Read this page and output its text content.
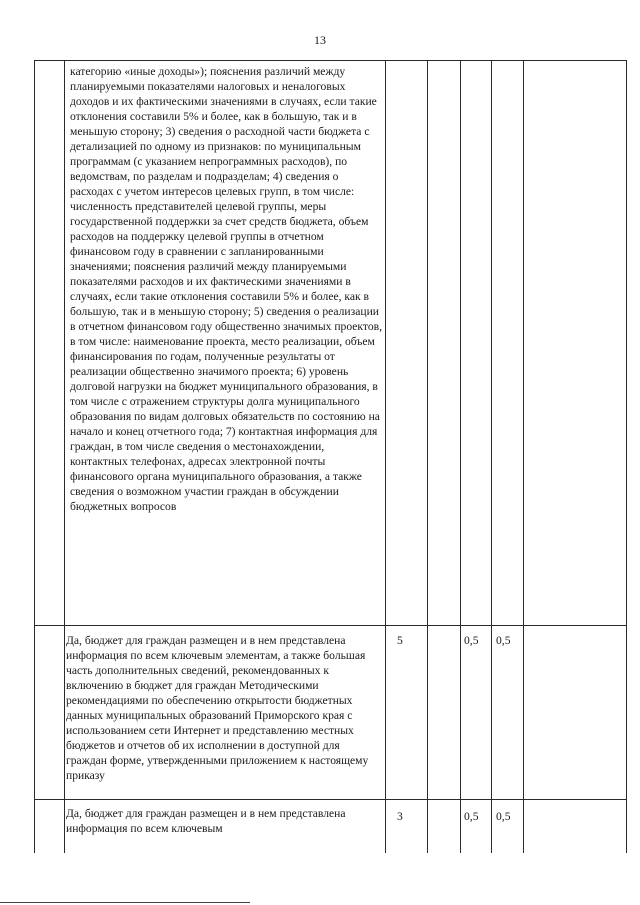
13
категорию «иные доходы»); пояснения различий между планируемыми показателями налоговых и неналоговых доходов и их фактическими значениями в случаях, если такие отклонения составили 5% и более, как в большую, так и в меньшую сторону; 3) сведения о расходной части бюджета с детализацией по одному из признаков: по муниципальным программам (с указанием непрограммных расходов), по ведомствам, по разделам и подразделам; 4) сведения о расходах с учетом интересов целевых групп, в том числе: численность представителей целевой группы, меры государственной поддержки за счет средств бюджета, объем расходов на поддержку целевой группы в отчетном финансовом году в сравнении с запланированными значениями; пояснения различий между планируемыми показателями расходов и их фактическими значениями в случаях, если такие отклонения составили 5% и более, как в большую, так и в меньшую сторону; 5) сведения о реализации в отчетном финансовом году общественно значимых проектов, в том числе: наименование проекта, место реализации, объем финансирования по годам, полученные результаты от реализации общественно значимого проекта; 6) уровень долговой нагрузки на бюджет муниципального образования, в том числе с отражением структуры долга муниципального образования по видам долговых обязательств по состоянию на начало и конец отчетного года; 7) контактная информация для граждан, в том числе сведения о местонахождении, контактных телефонах, адресах электронной почты финансового органа муниципального образования, а также сведения о возможном участии граждан в обсуждении бюджетных вопросов
Да, бюджет для граждан размещен и в нем представлена информация по всем ключевым элементам, а также большая часть дополнительных сведений, рекомендованных к включению в бюджет для граждан Методическими рекомендациями по обеспечению открытости бюджетных данных муниципальных образований Приморского края с использованием сети Интернет и представлению местных бюджетов и отчетов об их исполнении в доступной для граждан форме, утвержденными приложением к настоящему приказу
5	0,5 0,5
Да, бюджет для граждан размещен и в нем представлена информация по всем ключевым
3	0,5 0,5
